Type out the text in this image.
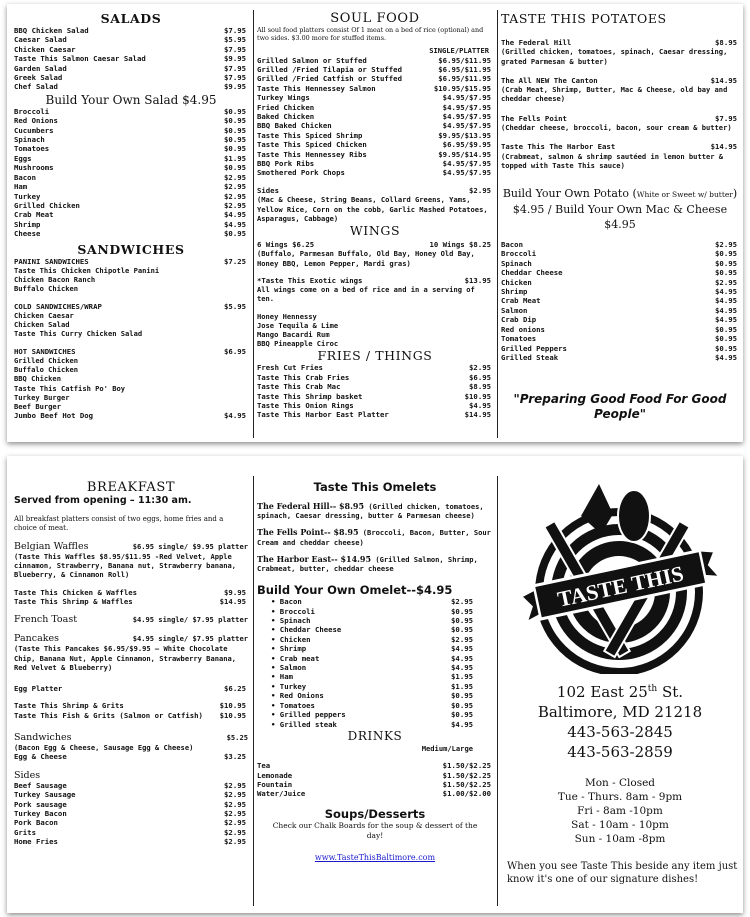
SALADS
BBQ Chicken Salad	$7.95
Caesar Salad	$5.95
Chicken Caesar	$7.95
Taste This Salmon Caesar Salad	$9.95
Garden Salad	$7.95
Greek Salad	$7.95
Chef Salad	$9.95
Build Your Own Salad $4.95
Broccoli	$0.95
Red Onions	$0.95
Cucumbers	$0.95
Spinach	$0.95
Tomatoes	$0.95
Eggs	$1.95
Mushrooms	$0.95
Bacon	$2.95
Ham	$2.95
Turkey	$2.95
Grilled Chicken	$2.95
Crab Meat	$4.95
Shrimp	$4.95
Cheese	$0.95
SANDWICHES
PANINI SANDWICHES	$7.25
Taste This Chicken Chipotle Panini
Chicken Bacon Ranch
Buffalo Chicken
COLD SANDWICHES/WRAP	$5.95
Chicken Caesar
Chicken Salad
Taste This Curry Chicken Salad
HOT SANDWICHES	$6.95
Grilled Chicken
Buffalo Chicken
BBQ Chicken
Taste This Catfish Po' Boy
Turkey Burger
Beef Burger
Jumbo Beef Hot Dog	$4.95
SOUL FOOD
All soul food platters consist Of 1 meat on a bed of rice (optional) and two sides. $3.00 more for stuffed items.
SINGLE/PLATTER
Grilled Salmon or Stuffed	$6.95/$11.95
Grilled /Fried Tilapia or Stuffed	$6.95/$11.95
Grilled /Fried Catfish or Stuffed	$6.95/$11.95
Taste This Hennessey Salmon	$10.95/$15.95
Turkey Wings	$4.95/$7.95
Fried Chicken	$4.95/$7.95
Baked Chicken	$4.95/$7.95
BBQ Baked Chicken	$4.95/$7.95
Taste This Spiced Shrimp	$9.95/$13.95
Taste This Spiced Chicken	$6.95/$9.95
Taste This Hennessey Ribs	$9.95/$14.95
BBQ Pork Ribs	$4.95/$7.95
Smothered Pork Chops	$4.95/$7.95
Sides	$2.95
(Mac & Cheese, String Beans, Collard Greens, Yams, Yellow Rice, Corn on the cobb, Garlic Mashed Potatoes, Asparagus, Cabbage)
WINGS
6 Wings $6.25	10 Wings $8.25
(Buffalo, Parmesan Buffalo, Old Bay, Honey Old Bay, Honey BBQ, Lemon Pepper, Mardi gras)
*Taste This Exotic wings	$13.95
All wings come on a bed of rice and in a serving of ten.
Honey Hennessy
Jose Tequila & Lime
Mango Bacardi Rum
BBQ Pineapple Ciroc
FRIES / THINGS
Fresh Cut Fries	$2.95
Taste This Crab Fries	$6.95
Taste This Crab Mac	$8.95
Taste This Shrimp basket	$10.95
Taste This Onion Rings	$4.95
Taste This Harbor East Platter	$14.95
TASTE THIS POTATOES
The Federal Hill	$8.95
(Grilled chicken, tomatoes, spinach, Caesar dressing, grated Parmesan & butter)
The All NEW The Canton	$14.95
(Crab Meat, Shrimp, Butter, Mac & Cheese, old bay and cheddar cheese)
The Fells Point	$7.95
(Cheddar cheese, broccoli, bacon, sour cream & butter)
Taste This The Harbor East	$14.95
(Crabmeat, salmon & shrimp sautéed in lemon butter & topped with Taste This sauce)
Build Your Own Potato (White or Sweet w/ butter) $4.95 / Build Your Own Mac & Cheese $4.95
Bacon	$2.95
Broccoli	$0.95
Spinach	$0.95
Cheddar Cheese	$0.95
Chicken	$2.95
Shrimp	$4.95
Crab Meat	$4.95
Salmon	$4.95
Crab Dip	$4.95
Red onions	$0.95
Tomatoes	$0.95
Grilled Peppers	$0.95
Grilled Steak	$4.95
"Preparing Good Food For Good People"
BREAKFAST
Served from opening – 11:30 am.
All breakfast platters consist of two eggs, home fries and a choice of meat.
Belgian Waffles	$6.95 single/ $9.95 platter
(Taste This Waffles $8.95/$11.95 -Red Velvet, Apple cinnamon, Strawberry, Banana nut, Strawberry banana, Blueberry, & Cinnamon Roll)
Taste This Chicken & Waffles	$9.95
Taste This Shrimp & Waffles	$14.95
French Toast	$4.95 single/ $7.95 platter
Pancakes	$4.95 single/ $7.95 platter
(Taste This Pancakes $6.95/$9.95 – White Chocolate Chip, Banana Nut, Apple Cinnamon, Strawberry Banana, Red Velvet & Blueberry)
Egg Platter	$6.25
Taste This Shrimp & Grits	$10.95
Taste This Fish & Grits (Salmon or Catfish) $10.95
Sandwiches	$5.25
(Bacon Egg & Cheese, Sausage Egg & Cheese)
Egg & Cheese	$3.25
Sides
Beef Sausage	$2.95
Turkey Sausage	$2.95
Pork sausage	$2.95
Turkey Bacon	$2.95
Pork Bacon	$2.95
Grits	$2.95
Home Fries	$2.95
Taste This Omelets
The Federal Hill-- $8.95 (Grilled chicken, tomatoes, spinach, Caesar dressing, butter & Parmesan cheese)
The Fells Point-- $8.95 (Broccoli, Bacon, Butter, Sour Cream and cheddar cheese)
The Harbor East-- $14.95 (Grilled Salmon, Shrimp, Crabmeat, butter, cheddar cheese
Build Your Own Omelet--$4.95
• Bacon	$2.95
• Broccoli	$0.95
• Spinach	$0.95
• Cheddar Cheese	$0.95
• Chicken	$2.95
• Shrimp	$4.95
• Crab meat	$4.95
• Salmon	$4.95
• Ham	$1.95
• Turkey	$1.95
• Red Onions	$0.95
• Tomatoes	$0.95
• Grilled peppers	$0.95
• Grilled steak	$4.95
DRINKS
Medium/Large
Tea	$1.50/$2.25
Lemonade	$1.50/$2.25
Fountain	$1.50/$2.25
Water/Juice	$1.00/$2.00
Soups/Desserts
Check our Chalk Boards for the soup & dessert of the day!
www.TasteThisBaltimore.com
TASTE THIS
102 East 25th St.
Baltimore, MD 21218
443-563-2845
443-563-2859
Mon - Closed
Tue - Thurs. 8am - 9pm
Fri - 8am -10pm
Sat - 10am - 10pm
Sun - 10am -8pm
When you see Taste This beside any item just know it's one of our signature dishes!
